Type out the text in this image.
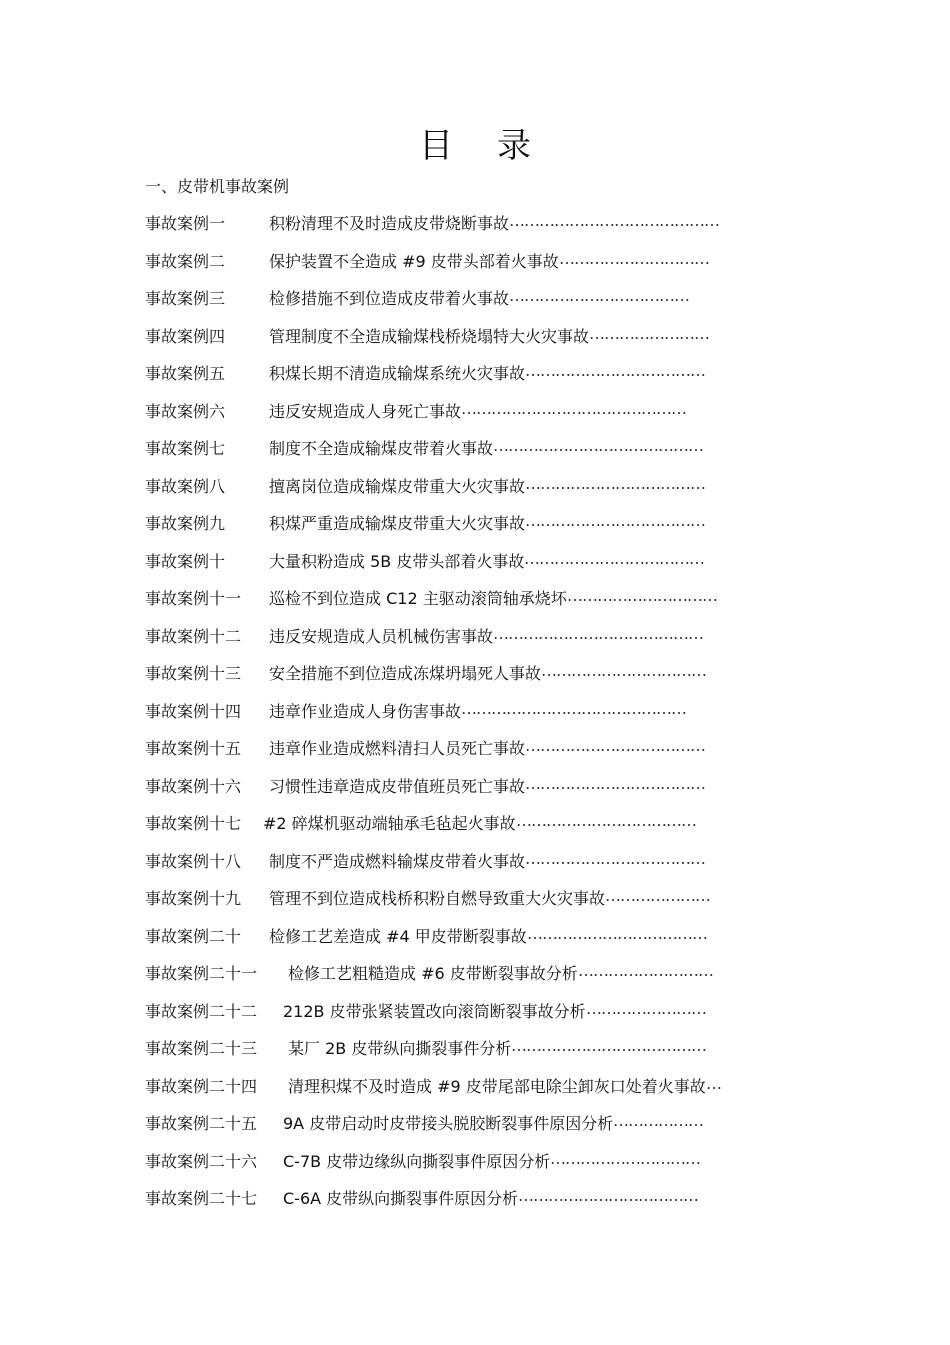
目 录
一、皮带机事故案例
事故案例一	积粉清理不及时造成皮带烧断事故 ……………………………………
事故案例二	保护装置不全造成 #9 皮带头部着火事故 …………………………
事故案例三	检修措施不到位造成皮带着火事故 ………………………………
事故案例四	管理制度不全造成输煤栈桥烧塌特大火灾事故 ……………………
事故案例五	积煤长期不清造成输煤系统火灾事故 ………………………………
事故案例六	违反安规造成人身死亡事故 ………………………………………
事故案例七	制度不全造成输煤皮带着火事故 ……………………………………
事故案例八	擅离岗位造成输煤皮带重大火灾事故 ………………………………
事故案例九	积煤严重造成输煤皮带重大火灾事故 ………………………………
事故案例十	大量积粉造成 5B 皮带头部着火事故 ………………………………
事故案例十一 巡检不到位造成 C12 主驱动滚筒轴承烧坏 …………………………
事故案例十二 违反安规造成人员机械伤害事故 ……………………………………
事故案例十三 安全措施不到位造成冻煤坍塌死人事故 ……………………………
事故案例十四 违章作业造成人身伤害事故 ………………………………………
事故案例十五 违章作业造成燃料清扫人员死亡事故 ………………………………
事故案例十六 习惯性违章造成皮带值班员死亡事故 ………………………………
事故案例十七 #2 碎煤机驱动端轴承毛毡起火事故 ………………………………
事故案例十八 制度不严造成燃料输煤皮带着火事故 ………………………………
事故案例十九 管理不到位造成栈桥积粉自燃导致重大火灾事故 …………………
事故案例二十 检修工艺差造成 #4 甲皮带断裂事故 ………………………………
事故案例二十一 检修工艺粗糙造成 #6 皮带断裂事故分析 ………………………
事故案例二十二 212B 皮带张紧装置改向滚筒断裂事故分析 ……………………
事故案例二十三 某厂 2B 皮带纵向撕裂事件分析 …………………………………
事故案例二十四 清理积煤不及时造成 #9 皮带尾部电除尘卸灰口处着火事故 …
事故案例二十五 9A 皮带启动时皮带接头脱胶断裂事件原因分析 ………………
事故案例二十六 C-7B 皮带边缘纵向撕裂事件原因分析 …………………………
事故案例二十七 C-6A 皮带纵向撕裂事件原因分析 ………………………………
